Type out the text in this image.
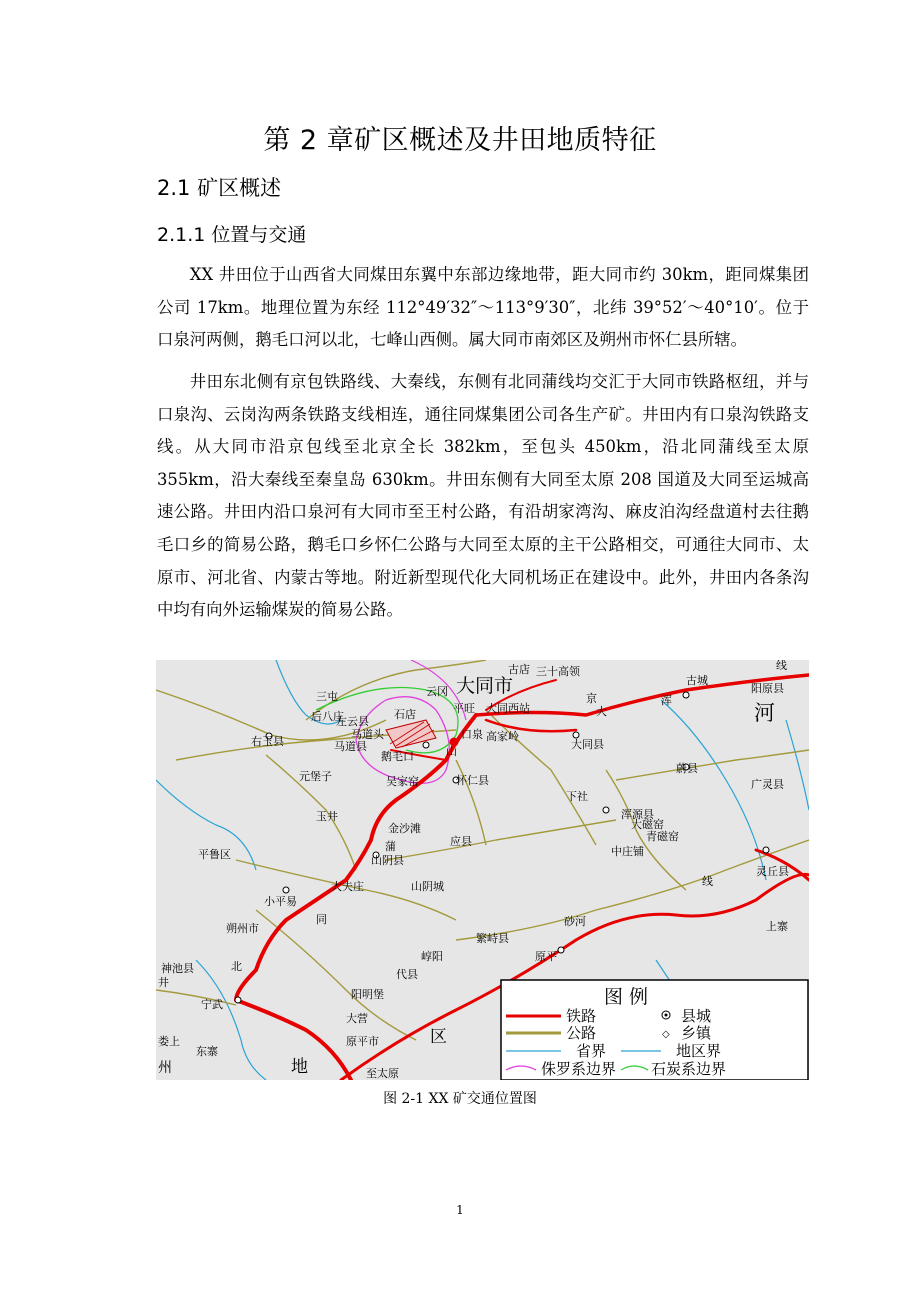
第 2 章矿区概述及井田地质特征
2.1 矿区概述
2.1.1 位置与交通

XX 井田位于山西省大同煤田东翼中东部边缘地带，距大同市约 30km，距同煤集团公司 17km。地理位置为东经 112°49′32″～113°9′30″，北纬 39°52′～40°10′。位于口泉河两侧，鹅毛口河以北，七峰山西侧。属大同市南郊区及朔州市怀仁县所辖。

井田东北侧有京包铁路线、大秦线，东侧有北同蒲线均交汇于大同市铁路枢纽，并与口泉沟、云岗沟两条铁路支线相连，通往同煤集团公司各生产矿。井田内有口泉沟铁路支线。从大同市沿京包线至北京全长 382km，至包头 450km，沿北同蒲线至太原 355km，沿大秦线至秦皇岛 630km。井田东侧有大同至太原 208 国道及大同至运城高速公路。井田内沿口泉河有大同市至王村公路，有沿胡家湾沟、麻皮泊沟经盘道村去往鹅毛口乡的简易公路，鹅毛口乡怀仁公路与大同至太原的主干公路相交，可通往大同市、太原市、河北省、内蒙古等地。附近新型现代化大同机场正在建设中。此外，井田内各条沟中均有向外运输煤炭的简易公路。

大同市
三十高领
古店
京
三屯	云冈
线
石店
后八庄
平旺 大同西站	大
左云县
口泉 高家岭
大同县
右玉县
马道头
鹅毛口	山
马道县
怀仁县
元堡子	吴家窑
玉井
金沙滩
应县
蒲
下社
浑源县
大磁窑
青磁窑
平鲁区	山阴县
中庄铺
山阴城
大夫庄
小平易
同
朔州市
砂河
繁峙县
代县
原平
神池县	北
宁武
阳明堡
大营
崞阳
原平市
东寨
至太原
地
区
州
古城
阳原县
河
蔚县
广灵县
灵丘县
上寨
浑
线
娄上
井
图 例
铁路	县城
公路	◇ 乡镇
省界	地区界
侏罗系边界 石炭系边界
图 2-1 XX 矿交通位置图
1
